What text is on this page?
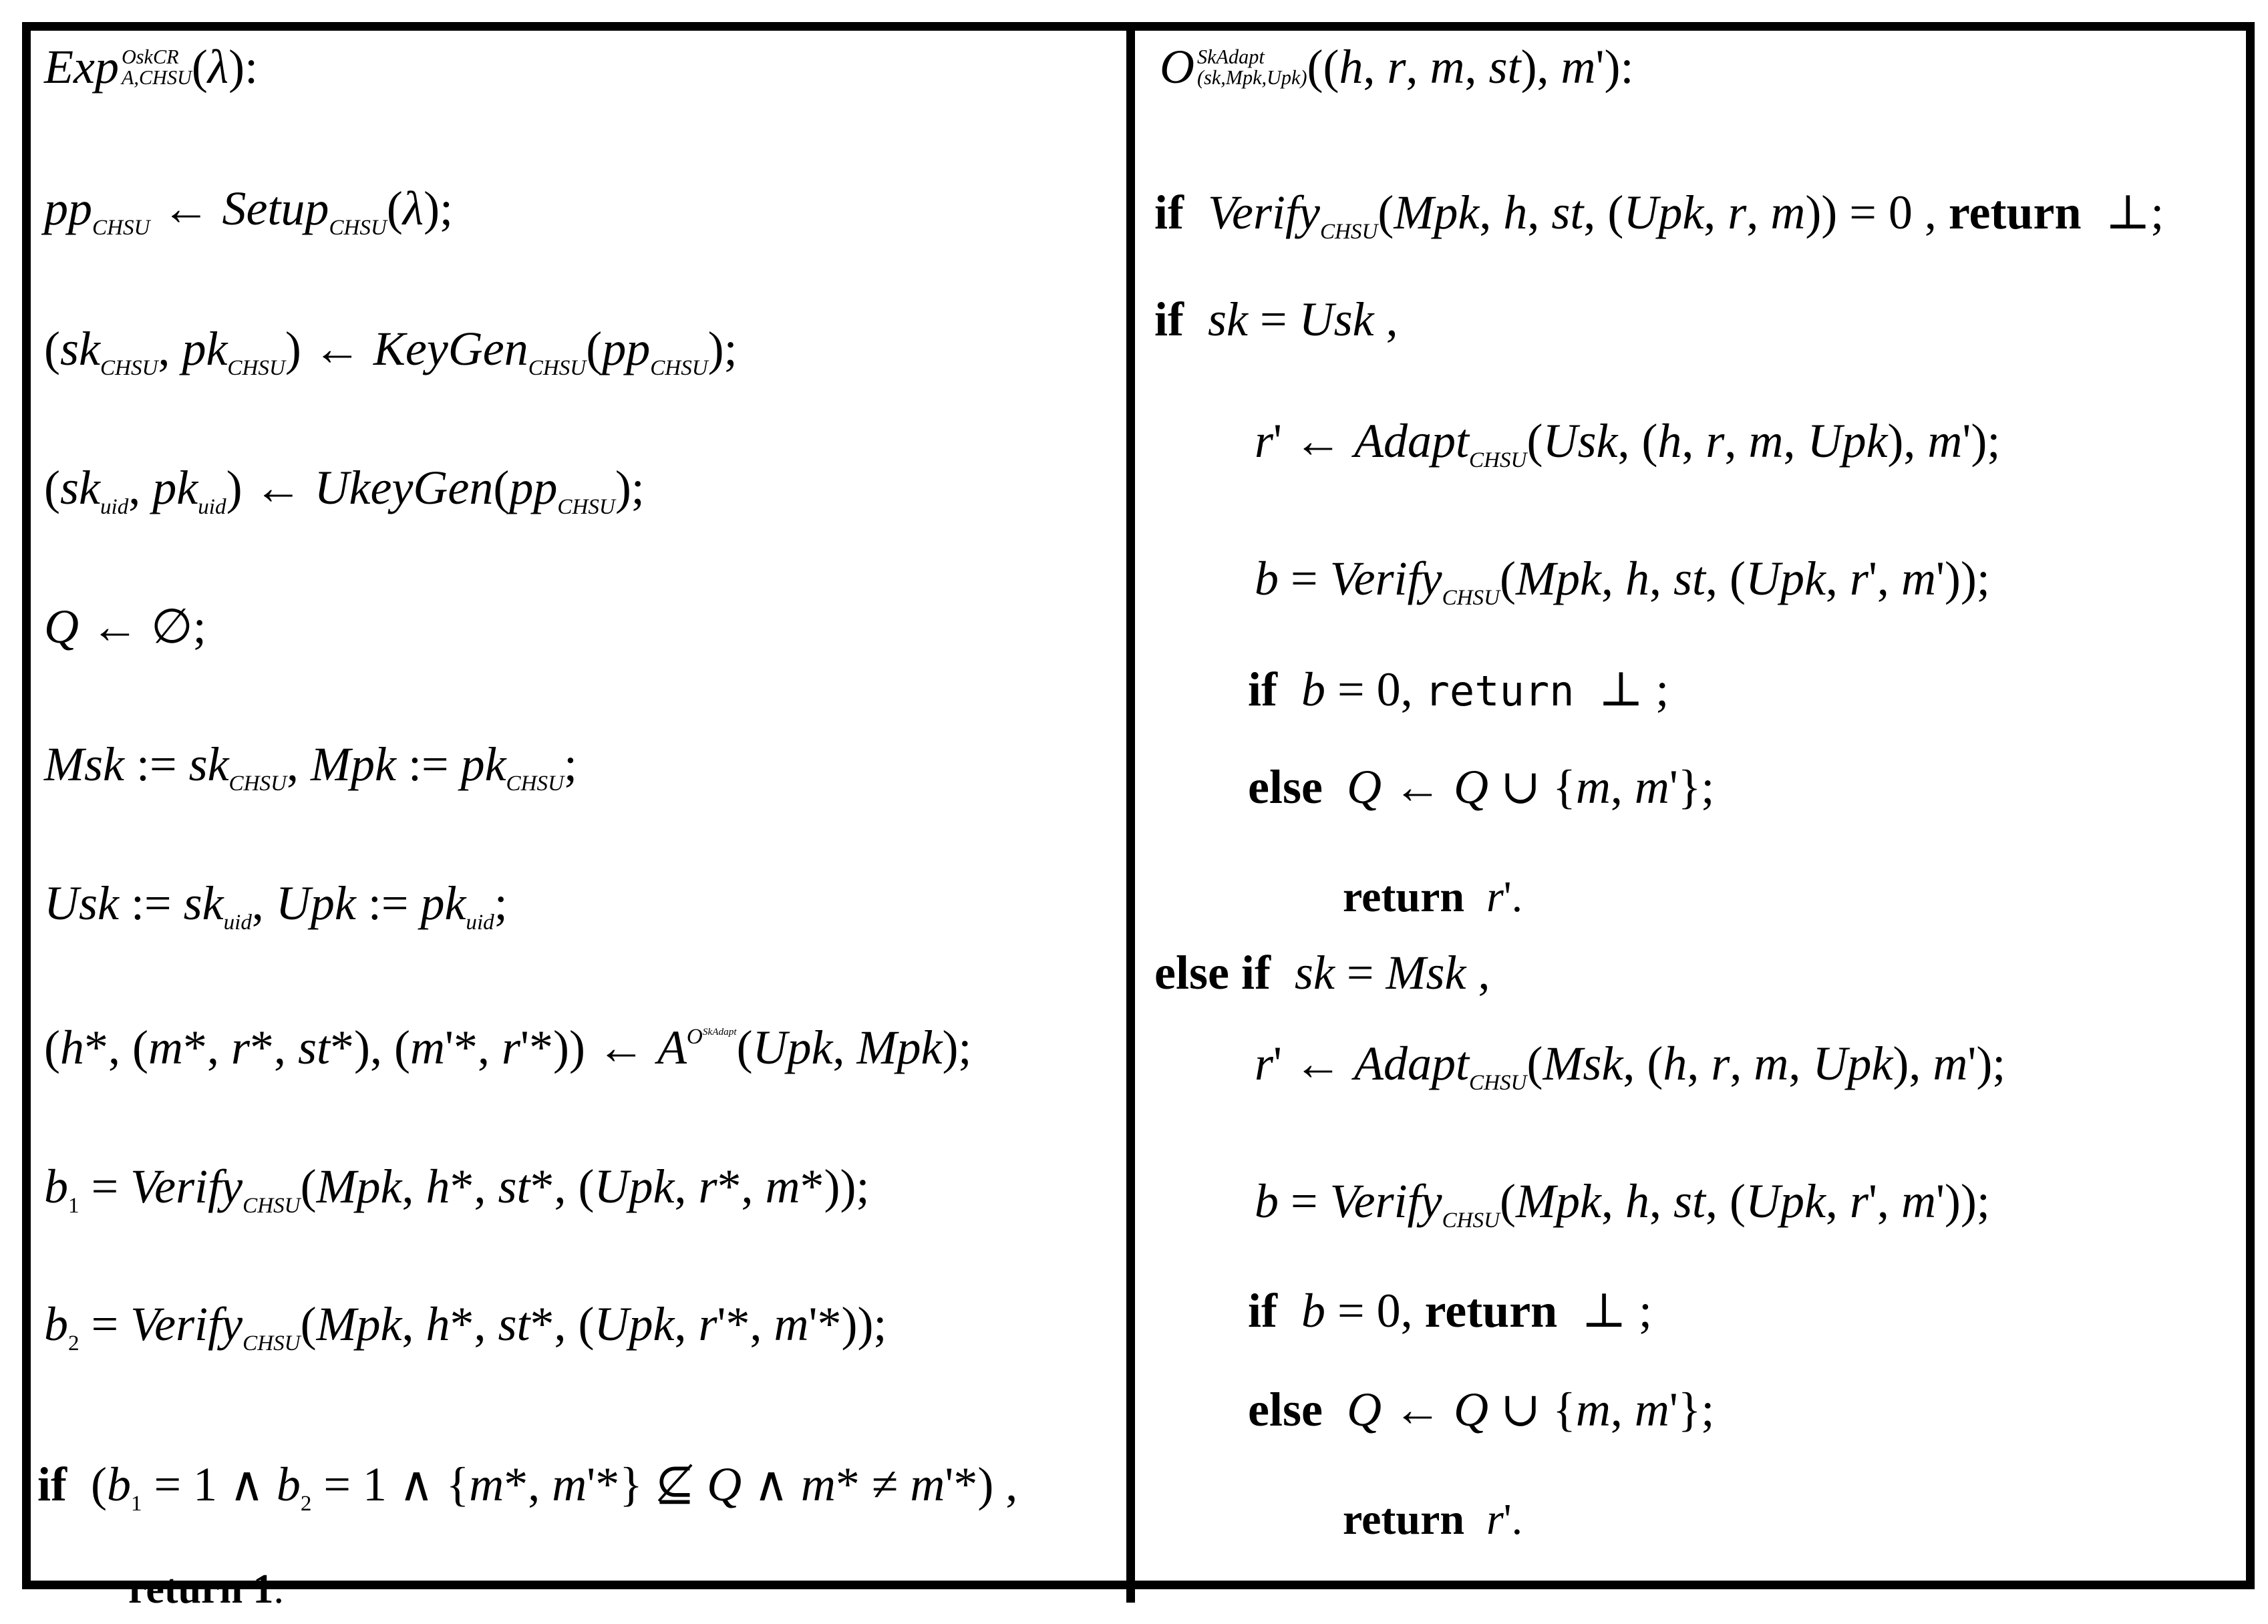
Exp OskCR
A,CHSU (λ):
$pp_{CHSU}$ ← Setup$_{CHSU}$(λ);
($sk_{CHSU}$, $pk_{CHSU}$) ← $KeyGen_{CHSU}(pp_{CHSU})$;
($sk_{uid}$, $pk_{uid}$) ← $UkeyGen(pp_{CHSU})$;
Q ← ∅;
Msk := $sk_{CHSU}$, Mpk := $pk_{CHSU}$;
Usk := $sk_{uid}$, Upk := $pk_{uid}$;
(h*, (m*, r*, st*), (m'*, r'*)) ← $A^{O^{SkAdapt}}(Upk$, Mpk);
$b_1$ = Verify$_{CHSU}$(Mpk, h*, st*, (Upk, r*, m*));
$b_2$ = Verify$_{CHSU}$(Mpk, h*, st*, (Upk, r'*, m'*));
if  ($b_1 = 1$ ∧ $b_2 = 1$ ∧ {m*, m'*} ⊈ Q ∧ m* ≠ m'*) ,
return 1.
O SkAdapt
(sk,Mpk,Upk) ((h, r, m, st), m'):
if Verify$_{CHSU}$(Mpk, h, st, (Upk, r, m)) = 0 , return  ⊥;
if sk = Usk ,
r' ← Adapt$_{CHSU}$(Usk, (h, r, m, Upk), m');
b = Verify$_{CHSU}$(Mpk, h, st, (Upk, r', m'));
if b = 0, return  ⊥ ;
else Q ← Q ∪ {m, m'};
return r'.
else if sk = Msk ,
r' ← Adapt$_{CHSU}$(Msk, (h, r, m, Upk), m');
b = Verify$_{CHSU}$(Mpk, h, st, (Upk, r', m'));
if b = 0, return  ⊥ ;
else Q ← Q ∪ {m, m'};
return r'.
